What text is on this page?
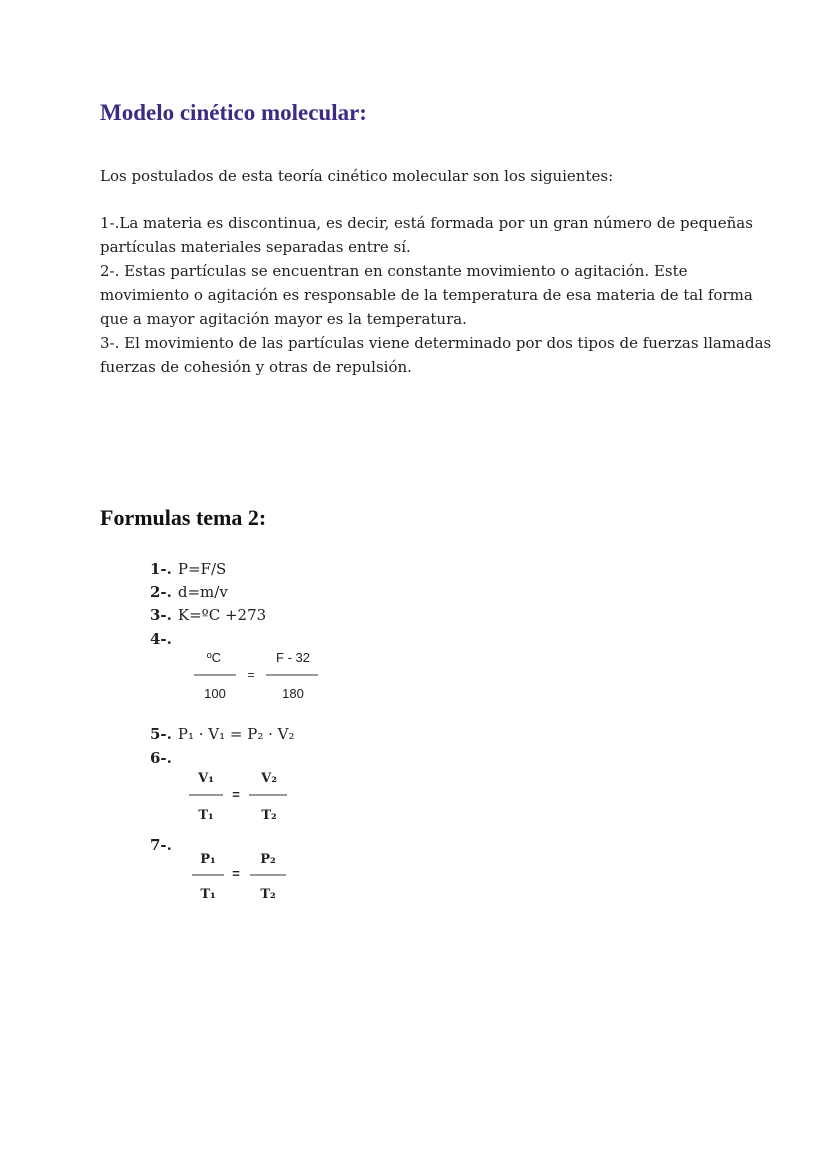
Modelo cinético molecular:
Los postulados de esta teoría cinético molecular son los siguientes:
1-.La materia es discontinua, es decir, está formada por un gran número de pequeñas
partículas materiales separadas entre sí.
2-. Estas partículas se encuentran en constante movimiento o agitación. Este
movimiento o agitación es responsable de la temperatura de esa materia de tal forma
que a mayor agitación mayor es la temperatura.
3-. El movimiento de las partículas viene determinado por dos tipos de fuerzas llamadas
fuerzas de cohesión y otras de repulsión.
Formulas tema 2:
1-. P=F/S
2-. d=m/v
3-. K=ºC +273
4-.
ºC
100
=
F - 32
180
5-. P₁ · V₁ = P₂ · V₂
6-.
V₁
T₁
=
V₂
T₂
7-.
P₁
T₁
=
P₂
T₂
